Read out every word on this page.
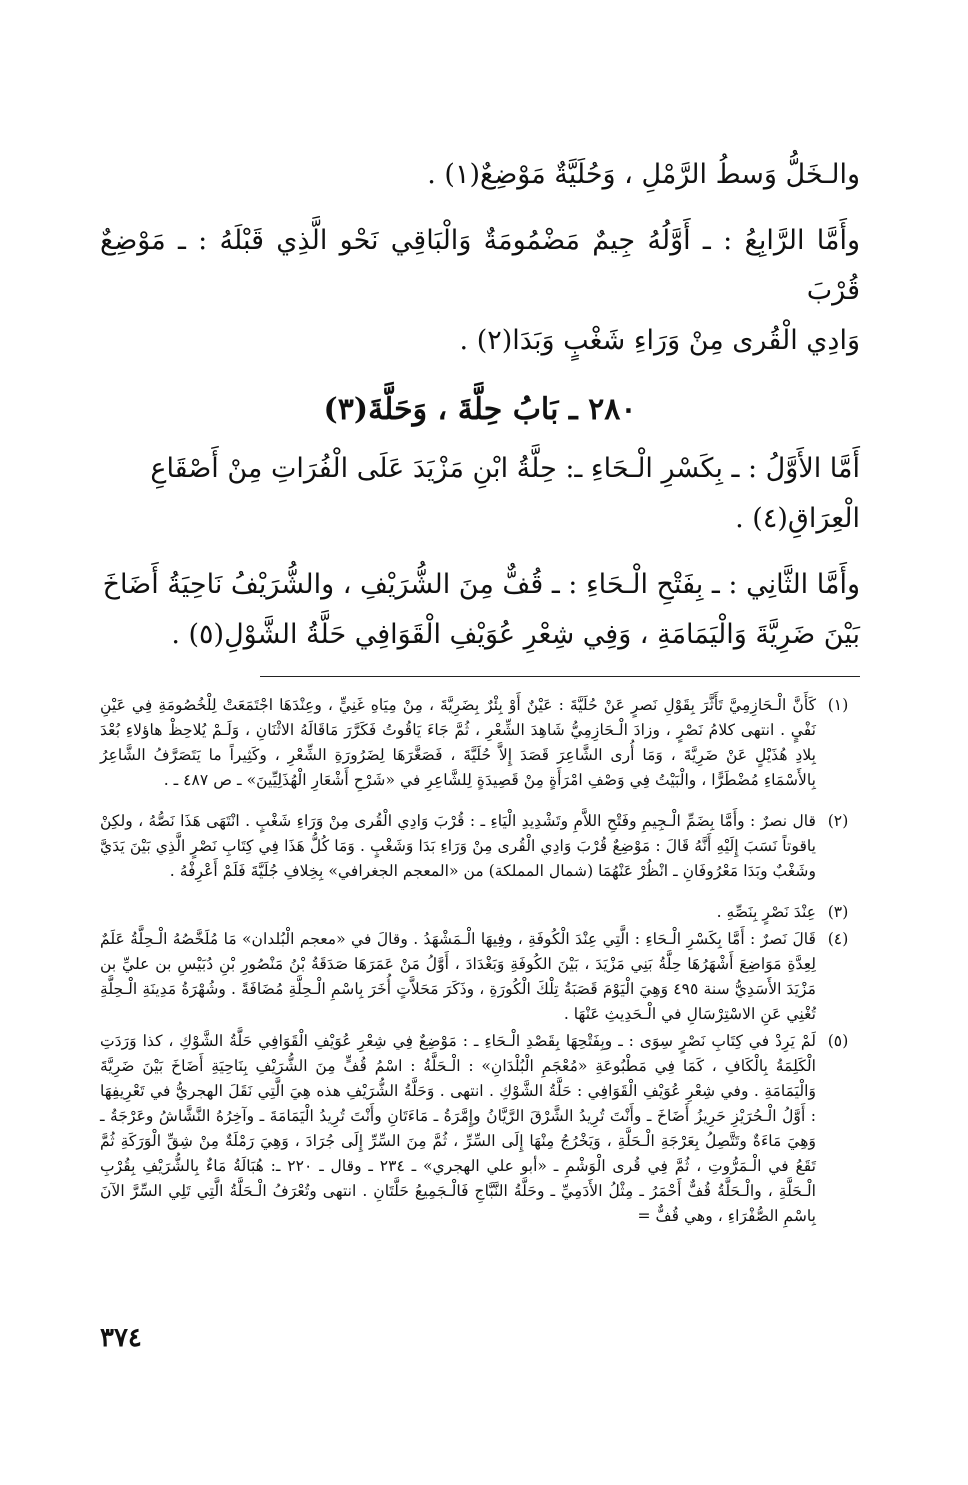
والـخَلُّ وَسطُ الرَّمْلِ ، وَحُلَيَّةٌ مَوْضِعٌ(١) .

وأَمَّا الرَّابِعُ : ـ أَوَّلُهُ جِيمٌ مَضْمُومَةٌ وَالْبَاقِي نَحْو الَّذِي قَبْلَهُ : ـ مَوْضِعٌ قُرْبَ

وَادِي الْقُرى مِنْ وَرَاءِ شَغْبٍ وَبَدَا(٢) .

٢٨٠ ـ بَابُ حِلَّةَ ، وَحَلَّةَ(٣)

أَمَّا الأَوَّلُ : ـ بِكَسْرِ الْـحَاءِ ـ: حِلَّةُ ابْنِ مَزْيَدَ عَلَى الْفُرَاتِ مِنْ أَصْقَاعِ

الْعِرَاقِ(٤) .

وأَمَّا الثَّانِي : ـ بِفَتْحِ الْـحَاءِ : ـ قُفٌّ مِنَ الشُّرَيْفِ ، والشُّرَيْفُ نَاحِيَةُ أَضَاخَ

بَيْنَ ضَرِيَّةَ وَالْيَمَامَةِ ، وَفِي شِعْرِ عُوَيْفِ الْقَوَافِي حَلَّةُ الشَّوْلِ(٥) .

(١)
كَأَنَّ الْـحَازِمِيَّ تَأَثَّرَ بِقَوْلِ نَصرٍ عَنْ حُلَيَّةَ : عَيْنٌ أَوْ بِئْرٌ بِضَرِيَّةَ ، مِنْ مِيَاهِ غَنِيٍّ ، وعِنْدَهَا اجْتَمَعَتْ لِلْخُصُومَةِ فِي عَيْنِ نَفْيٍ . انتهى كلامُ نَصْرٍ ، وزادَ الْـحَازِمِيُّ شَاهِدَ الشِّعْرِ ، ثُمَّ جَاءَ يَاقُوتُ فَكَرَّرَ مَاقَالَهُ الاثْنَانِ ، وَلَـمْ يُلاحِظْ هاؤلاءِ بُعْدَ بِلادِ هُذَيْلٍ عَنْ ضَرِيَّةَ ، وَمَا أُرى الشَّاعِرَ قَصَدَ إِلاَّ حُلَيَّةَ ، فَصَغَّرَهَا لِضَرُورَةِ الشِّعْرِ ، وكَثِيراً ما يَتَصَرَّفُ الشَّاعِرُ بِالأَسْمَاءِ مُضْطَرًّا ، والْبَيْتُ فِي وَصْفِ امْرَأَةٍ مِنْ قَصِيدَةٍ لِلشَّاعِرِ في «شَرْحِ أَشْعَارِ الْهُذَلِيِّينَ» ـ ص ٤٨٧ ـ .
(٢)
قال نصرٌ : وأَمَّا بِضَمِّ الْـجِيمِ وفَتْحِ اللاَّمِ وتَشْدِيدِ الْيَاءِ ـ : قُرْبَ وَادِي الْقُرى مِنْ وَرَاءِ شَغْبٍ . انْتَهَى هَذَا نَصُّهُ ، ولكِنْ ياقوتاً نَسَبَ إِلَيْهِ أَنَّهُ قَالَ : مَوْضِعٌ قُرْبَ وَادِي الْقُرى مِنْ وَرَاءِ بَدَا وَشَغْبٍ . وَمَا كُلُّ هَذَا فِي كِتَابِ نَصْرٍ الَّذِي بَيْنَ يَدَيَّ وشَغْبٌ وبَدَا مَعْرُوفَانِ ـ انْظُرْ عَنْهُمَا (شمال المملكة) من «المعجم الجغرافي» بِخِلافِ جُلَيَّةَ فَلَمْ أَعْرِفْهُ .
(٣)
عِنْدَ نَصْرٍ بِنَصِّهِ .
(٤)
قَالَ نَصرٌ : أَمَّا بِكَسْرِ الْـحَاءِ : الَّتِي عِنْدَ الْكُوفَةِ ، وفِيهَا الْـمَشْهَدُ . وقالَ في «معجم الْبُلدان» مَا مُلَخَّصُهُ الْـحِلَّةُ عَلَمٌ لِعِدَّةِ مَوَاضِعَ أَشْهَرُهَا حِلَّةُ بَنِي مَزْيَدَ ، بَيْنَ الكُوفَةِ وَبَغْدَادَ ، أَوَّلُ مَنْ عَمَرَهَا صَدَقَةُ بْنُ مَنْصُورِ بْنِ دُبَيْسِ بن عليِّ بن مَزْيَدَ الأَسَدِيُّ سنة ٤٩٥ وَهِيَ الْيَوْمَ قَصَبَةُ تِلْكَ الْكُورَةِ ، وذَكَرَ مَحَلاَّتٍ أُخَرَ بِاسْمِ الْـحِلَّةِ مُضَافَةً . وشُهْرَةُ مَدِينَةِ الْـحِلَّةِ تُغْنِي عَنِ الاسْتِرْسَالِ في الْـحَدِيثِ عَنْهَا .
(٥)
لَمْ يَرِدْ في كِتَابِ نَصْرٍ سِوَى : ـ وبِفَتْحِهَا بِقَصْدِ الْـحَاءِ ـ : مَوْضِعٌ فِي شِعْرِ عُوَيْفِ الْقَوَافِي حَلَّةُ الشَّوْكِ ، كذا وَرَدَتِ الْكَلِمَةُ بِالْكَافِ ، كَمَا فِي مَطْبُوعَةِ «مُعْجَمِ الْبُلْدَانِ» : الْـحَلَّةُ : اسْمُ قُفٍّ مِنَ الشُّرَيْفِ بِنَاحِيَةِ أَضَاخَ بَيْنَ ضَرِيَّةَ وَالْيَمَامَةِ . وفي شِعْرِ عُوَيْفِ الْقَوَافِي : حَلَّةُ الشَّوْكِ . انتهى . وَحَلَّةُ الشُّرَيْفِ هذه هِيَ الَّتِي نَقَلَ الهجريُّ في تَعْرِيفِهَا : أَوَّلُ الْـحُرَيْزِ حَرِيزُ أَضَاخَ ـ وأَنْتَ تُرِيدُ الشَّرْقَ الرَّيَّانُ وإِمَّرَةُ ـ مَاءَتَانِ وأَنْتَ تُرِيدُ الْيَمَامَةَ ـ وآخِرُهُ النَّشَّاشُ وعَرْجَةُ ـ وَهِيَ مَاءَةٌ وتَتَّصِلُ بِعَرْجَةِ الْـحَلَّةِ ، وَيَخْرُجُ مِنْهَا إِلَى السِّرِّ ، ثُمَّ مِنَ السِّرِّ إِلَى جُرَادَ ، وَهِيَ رَمْلَةٌ مِنْ شِقِّ الْوَرَكَةِ ثُمَّ تَقَعُ في الْـمَرُّوتِ ، ثُمَّ فِي قُرى الْوَشْمِ ـ «أبو علي الهجري» ـ ٢٣٤ ـ وقال ـ ٢٢٠ ـ: هُبَالَةُ مَاءٌ بِالشُّرَيْفِ بِقُرْبِ الْـحَلَّةِ ، والْـحَلَّةُ قُفٌّ أَحْمَرُ ـ مِثْلُ الأَدَمِيِّ ـ وحَلَّةُ النَّبَّاجِ فَالْـجَمِيعُ حَلَّتَانِ . انتهى وتُعْرَفُ الْـحَلَّةُ الَّتِي تَلِي السِّرَّ الآنَ بِاسْمِ الصُّفْرَاءِ ، وهي قُفٌّ =
٣٧٤
